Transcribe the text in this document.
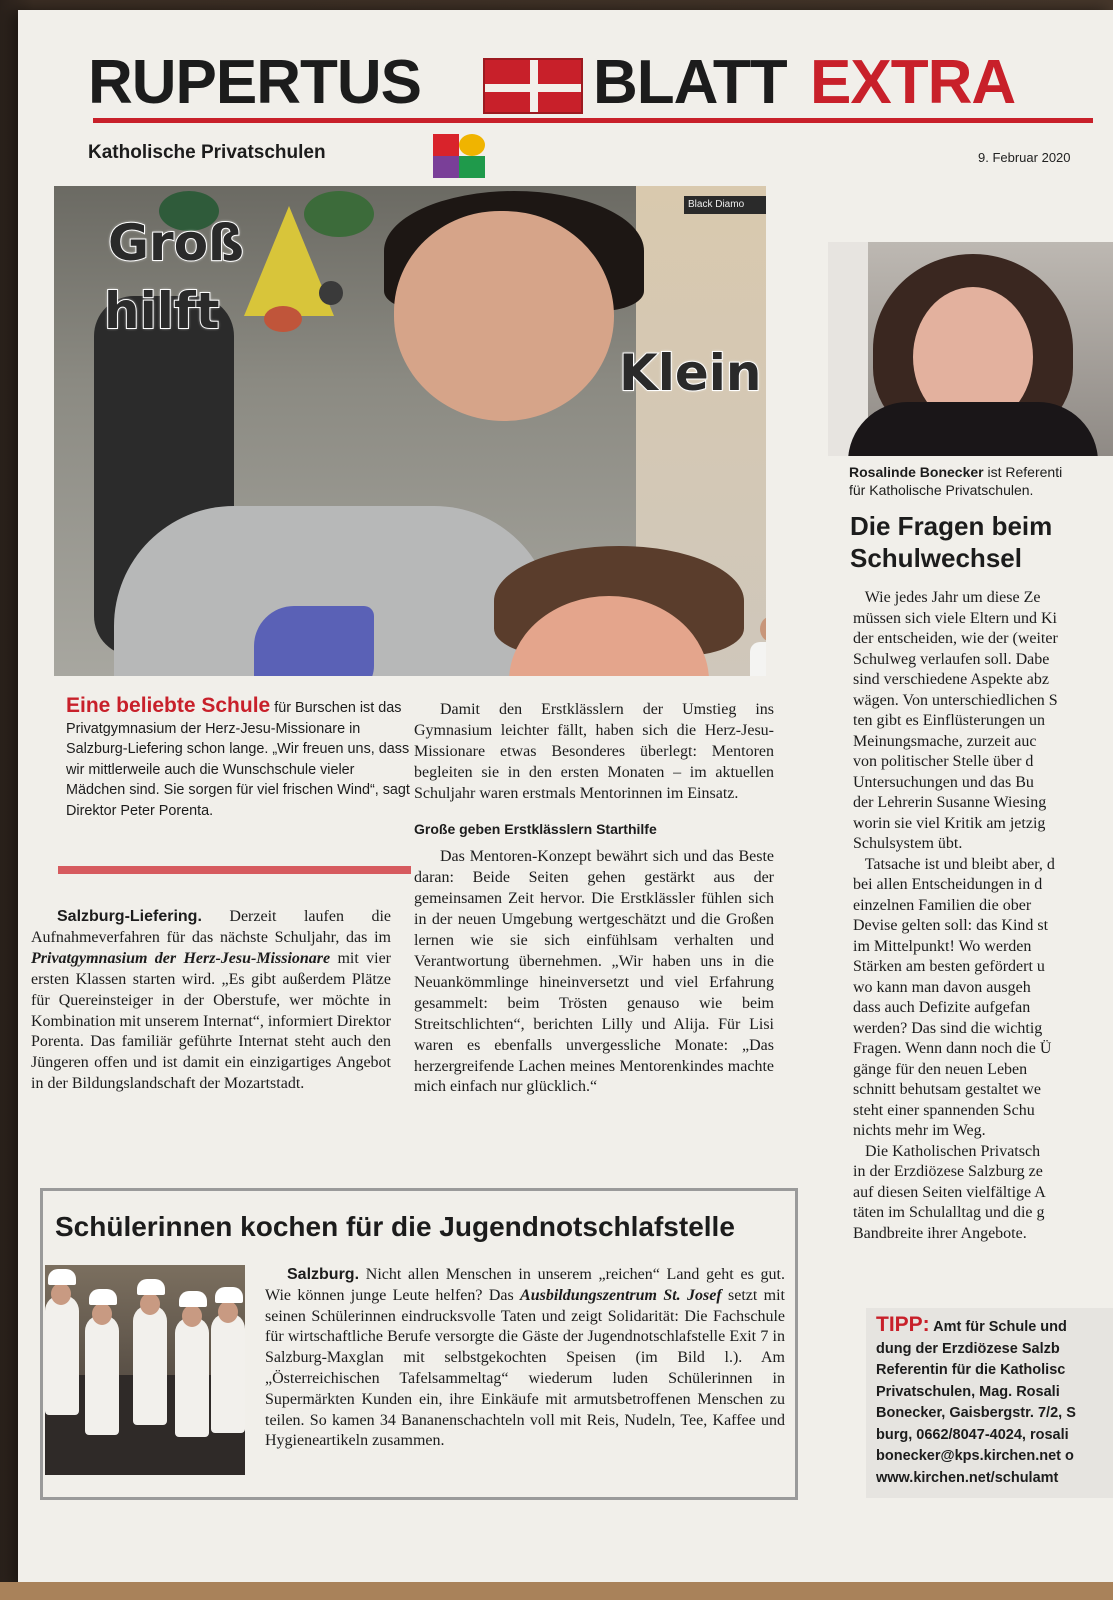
RUPERTUS	BLATT EXTRA
Katholische Privatschulen	9. Februar 2020
Black Diamo
Groß
hilft
Klein
Rosalinde Bonecker ist Referenti
für Katholische Privatschulen.
Eine beliebte Schule für Burschen ist das Privatgymnasium der Herz-Jesu-Missionare in Salzburg-Liefering schon lange. „Wir freuen uns, dass wir mittlerweile auch die Wunschschule vieler Mädchen sind. Sie sorgen für viel frischen Wind“, sagt Direktor Peter Porenta.

Salzburg-Liefering. Derzeit laufen die Aufnahmeverfahren für das nächste Schuljahr, das im Privatgymnasium der Herz-Jesu-Missionare mit vier ersten Klassen starten wird. „Es gibt außerdem Plätze für Quereinsteiger in der Oberstufe, wer möchte in Kombination mit unserem Internat“, informiert Direktor Porenta. Das familiär geführte Internat steht auch den Jüngeren offen und ist damit ein einzigartiges Angebot in der Bildungslandschaft der Mozartstadt.

Damit den Erstklässlern der Umstieg ins Gymnasium leichter fällt, haben sich die Herz-Jesu-Missionare etwas Besonderes überlegt: Mentoren begleiten sie in den ersten Monaten – im aktuellen Schuljahr waren erstmals Mentorinnen im Einsatz.

Große geben Erstklässlern Starthilfe

Das Mentoren-Konzept bewährt sich und das Beste daran: Beide Seiten gehen gestärkt aus der gemeinsamen Zeit hervor. Die Erstklässler fühlen sich in der neuen Umgebung wertgeschätzt und die Großen lernen wie sie sich einfühlsam verhalten und Verantwortung übernehmen. „Wir haben uns in die Neuankömmlinge hineinversetzt und viel Erfahrung gesammelt: beim Trösten genauso wie beim Streitschlichten“, berichten Lilly und Alija. Für Lisi waren es ebenfalls unvergessliche Monate: „Das herzergreifende Lachen meines Mentorenkindes machte mich einfach nur glücklich.“

Die Fragen beim Schulwechsel
Wie jedes Jahr um diese Ze
müssen sich viele Eltern und Ki
der entscheiden, wie der (weiter
Schulweg verlaufen soll. Dabe
sind verschiedene Aspekte abz
wägen. Von unterschiedlichen S
ten gibt es Einflüsterungen un
Meinungsmache, zurzeit auc
von politischer Stelle über d
Untersuchungen und das Bu
der Lehrerin Susanne Wiesing
worin sie viel Kritik am jetzig
Schulsystem übt.
Tatsache ist und bleibt aber, d
bei allen Entscheidungen in d
einzelnen Familien die ober
Devise gelten soll: das Kind st
im Mittelpunkt! Wo werden
Stärken am besten gefördert u
wo kann man davon ausgeh
dass auch Defizite aufgefan
werden? Das sind die wichtig
Fragen. Wenn dann noch die Ü
gänge für den neuen Leben
schnitt behutsam gestaltet we
steht einer spannenden Schu
nichts mehr im Weg.
Die Katholischen Privatsch
in der Erzdiözese Salzburg ze
auf diesen Seiten vielfältige A
täten im Schulalltag und die g
Bandbreite ihrer Angebote.
TIPP: Amt für Schule und
dung der Erzdiözese Salzb
Referentin für die Katholisc
Privatschulen, Mag. Rosali
Bonecker, Gaisbergstr. 7/2, S
burg, 0662/8047-4024, rosali
bonecker@kps.kirchen.net o
www.kirchen.net/schulamt
Schülerinnen kochen für die Jugendnotschlafstelle
Salzburg. Nicht allen Menschen in unserem „reichen“ Land geht es gut. Wie können junge Leute helfen? Das Ausbildungszentrum St. Josef setzt mit seinen Schülerinnen eindrucksvolle Taten und zeigt Solidarität: Die Fachschule für wirtschaftliche Berufe versorgte die Gäste der Jugendnotschlafstelle Exit 7 in Salzburg-Maxglan mit selbstgekochten Speisen (im Bild l.). Am „Österreichischen Tafelsammeltag“ wiederum luden Schülerinnen in Supermärkten Kunden ein, ihre Einkäufe mit armutsbetroffenen Menschen zu teilen. So kamen 34 Bananenschachteln voll mit Reis, Nudeln, Tee, Kaffee und Hygieneartikeln zusammen.
